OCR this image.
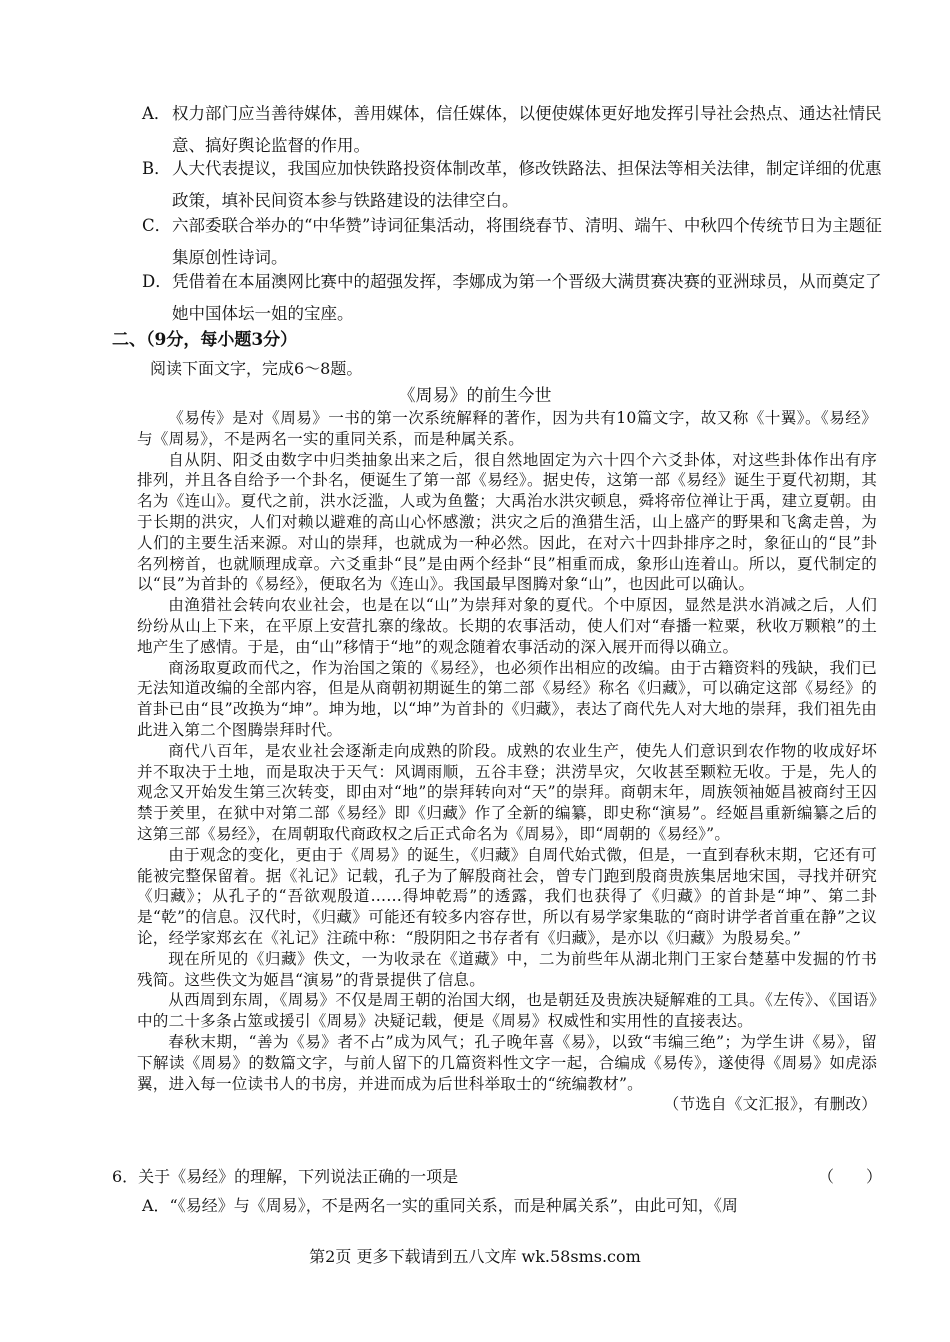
A． 权力部门应当善待媒体，善用媒体，信任媒体，以便使媒体更好地发挥引导社会热点、通达社情民意、搞好舆论监督的作用。
B． 人大代表提议，我国应加快铁路投资体制改革，修改铁路法、担保法等相关法律，制定详细的优惠政策，填补民间资本参与铁路建设的法律空白。
C． 六部委联合举办的“中华赞”诗词征集活动，将围绕春节、清明、端午、中秋四个传统节日为主题征集原创性诗词。
D． 凭借着在本届澳网比赛中的超强发挥，李娜成为第一个晋级大满贯赛决赛的亚洲球员，从而奠定了她中国体坛一姐的宝座。
二、（9分，每小题3分）
阅读下面文字，完成6～8题。
《周易》的前生今世

《易传》是对《周易》一书的第一次系统解释的著作，因为共有10篇文字，故又称《十翼》。《易经》与《周易》，不是两名一实的重同关系，而是种属关系。

自从阴、阳爻由数字中归类抽象出来之后，很自然地固定为六十四个六爻卦体，对这些卦体作出有序排列，并且各自给予一个卦名，便诞生了第一部《易经》。据史传，这第一部《易经》诞生于夏代初期，其名为《连山》。夏代之前，洪水泛滥，人或为鱼鳖；大禹治水洪灾顿息，舜将帝位禅让于禹，建立夏朝。由于长期的洪灾，人们对赖以避难的高山心怀感激；洪灾之后的渔猎生活，山上盛产的野果和飞禽走兽，为人们的主要生活来源。对山的崇拜，也就成为一种必然。因此，在对六十四卦排序之时，象征山的“艮”卦名列榜首，也就顺理成章。六爻重卦“艮”是由两个经卦“艮”相重而成，象形山连着山。所以，夏代制定的以“艮”为首卦的《易经》，便取名为《连山》。我国最早图腾对象“山”，也因此可以确认。

由渔猎社会转向农业社会，也是在以“山”为崇拜对象的夏代。个中原因，显然是洪水消减之后，人们纷纷从山上下来，在平原上安营扎寨的缘故。长期的农事活动，使人们对“春播一粒粟，秋收万颗粮”的土地产生了感情。于是，由“山”移情于“地”的观念随着农事活动的深入展开而得以确立。

商汤取夏政而代之，作为治国之策的《易经》，也必须作出相应的改编。由于古籍资料的残缺，我们已无法知道改编的全部内容，但是从商朝初期诞生的第二部《易经》称名《归藏》，可以确定这部《易经》的首卦已由“艮”改换为“坤”。坤为地，以“坤”为首卦的《归藏》，表达了商代先人对大地的崇拜，我们祖先由此进入第二个图腾崇拜时代。

商代八百年，是农业社会逐渐走向成熟的阶段。成熟的农业生产，使先人们意识到农作物的收成好坏并不取决于土地，而是取决于天气：风调雨顺，五谷丰登；洪涝旱灾，欠收甚至颗粒无收。于是，先人的观念又开始发生第三次转变，即由对“地”的崇拜转向对“天”的崇拜。商朝末年，周族领袖姬昌被商纣王囚禁于羑里，在狱中对第二部《易经》即《归藏》作了全新的编纂，即史称“演易”。经姬昌重新编纂之后的这第三部《易经》，在周朝取代商政权之后正式命名为《周易》，即“周朝的《易经》”。

由于观念的变化，更由于《周易》的诞生，《归藏》自周代始式微，但是，一直到春秋末期，它还有可能被完整保留着。据《礼记》记载，孔子为了解殷商社会，曾专门跑到殷商贵族集居地宋国，寻找并研究《归藏》；从孔子的“吾欲观殷道……得坤乾焉”的透露，我们也获得了《归藏》的首卦是“坤”、第二卦是“乾”的信息。汉代时，《归藏》可能还有较多内容存世，所以有易学家集耾的“商时讲学者首重在静”之议论，经学家郑玄在《礼记》注疏中称：“殷阴阳之书存者有《归藏》，是亦以《归藏》为殷易矣。”

现在所见的《归藏》佚文，一为收录在《道藏》中，二为前些年从湖北荆门王家台楚墓中发掘的竹书残简。这些佚文为姬昌“演易”的背景提供了信息。

从西周到东周，《周易》不仅是周王朝的治国大纲，也是朝廷及贵族决疑解难的工具。《左传》、《国语》中的二十多条占筮或援引《周易》决疑记载，便是《周易》权威性和实用性的直接表达。

春秋末期，“善为《易》者不占”成为风气；孔子晚年喜《易》，以致“韦编三绝”；为学生讲《易》，留下解读《周易》的数篇文字，与前人留下的几篇资料性文字一起，合编成《易传》，遂使得《周易》如虎添翼，进入每一位读书人的书房，并进而成为后世科举取士的“统编教材”。

（节选自《文汇报》，有删改）
6．关于《易经》的理解，下列说法正确的一项是	（　　）
A．“《易经》与《周易》，不是两名一实的重同关系，而是种属关系”，由此可知，《周
第2页 更多下载请到五八文库 wk.58sms.com
